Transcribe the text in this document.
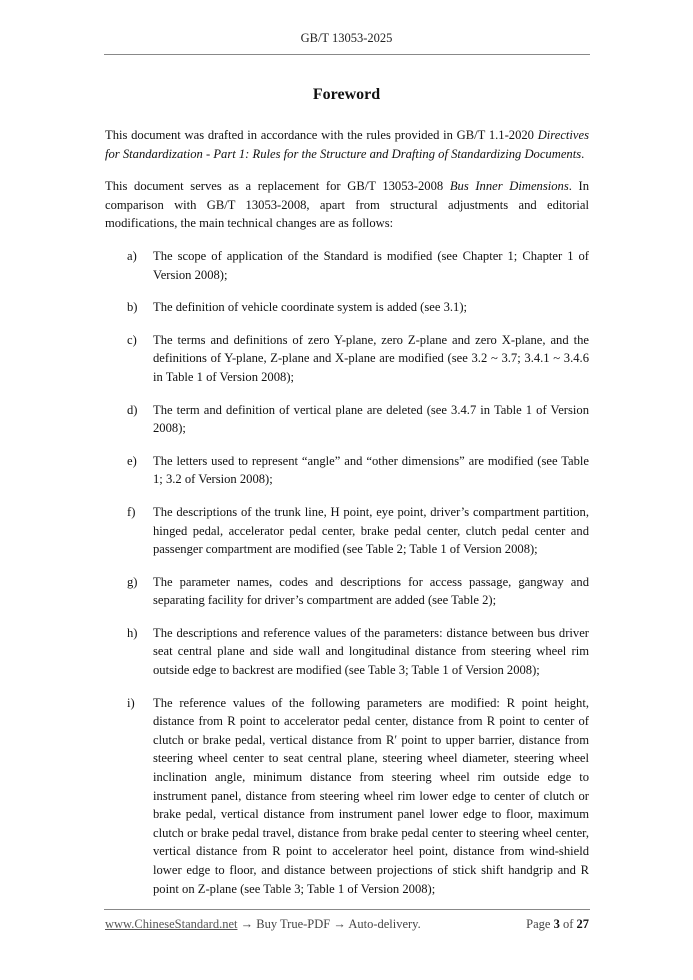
GB/T 13053-2025
Foreword

This document was drafted in accordance with the rules provided in GB/T 1.1-2020 Directives for Standardization - Part 1: Rules for the Structure and Drafting of Standardizing Documents.

This document serves as a replacement for GB/T 13053-2008 Bus Inner Dimensions. In comparison with GB/T 13053-2008, apart from structural adjustments and editorial modifications, the main technical changes are as follows:

a)	The scope of application of the Standard is modified (see Chapter 1; Chapter 1 of Version 2008);
b)	The definition of vehicle coordinate system is added (see 3.1);
c)	The terms and definitions of zero Y-plane, zero Z-plane and zero X-plane, and the definitions of Y-plane, Z-plane and X-plane are modified (see 3.2 ~ 3.7; 3.4.1 ~ 3.4.6 in Table 1 of Version 2008);
d)	The term and definition of vertical plane are deleted (see 3.4.7 in Table 1 of Version 2008);
e)	The letters used to represent “angle” and “other dimensions” are modified (see Table 1; 3.2 of Version 2008);
f)	The descriptions of the trunk line, H point, eye point, driver’s compartment partition, hinged pedal, accelerator pedal center, brake pedal center, clutch pedal center and passenger compartment are modified (see Table 2; Table 1 of Version 2008);
g)	The parameter names, codes and descriptions for access passage, gangway and separating facility for driver’s compartment are added (see Table 2);
h)	The descriptions and reference values of the parameters: distance between bus driver seat central plane and side wall and longitudinal distance from steering wheel rim outside edge to backrest are modified (see Table 3; Table 1 of Version 2008);
i)	The reference values of the following parameters are modified: R point height, distance from R point to accelerator pedal center, distance from R point to center of clutch or brake pedal, vertical distance from R′ point to upper barrier, distance from steering wheel center to seat central plane, steering wheel diameter, steering wheel inclination angle, minimum distance from steering wheel rim outside edge to instrument panel, distance from steering wheel rim lower edge to center of clutch or brake pedal, vertical distance from instrument panel lower edge to floor, maximum clutch or brake pedal travel, distance from brake pedal center to steering wheel center, vertical distance from R point to accelerator heel point, distance from wind-shield lower edge to floor, and distance between projections of stick shift handgrip and R point on Z-plane (see Table 3; Table 1 of Version 2008);
www.ChineseStandard.net → Buy True-PDF → Auto-delivery.	Page 3 of 27
